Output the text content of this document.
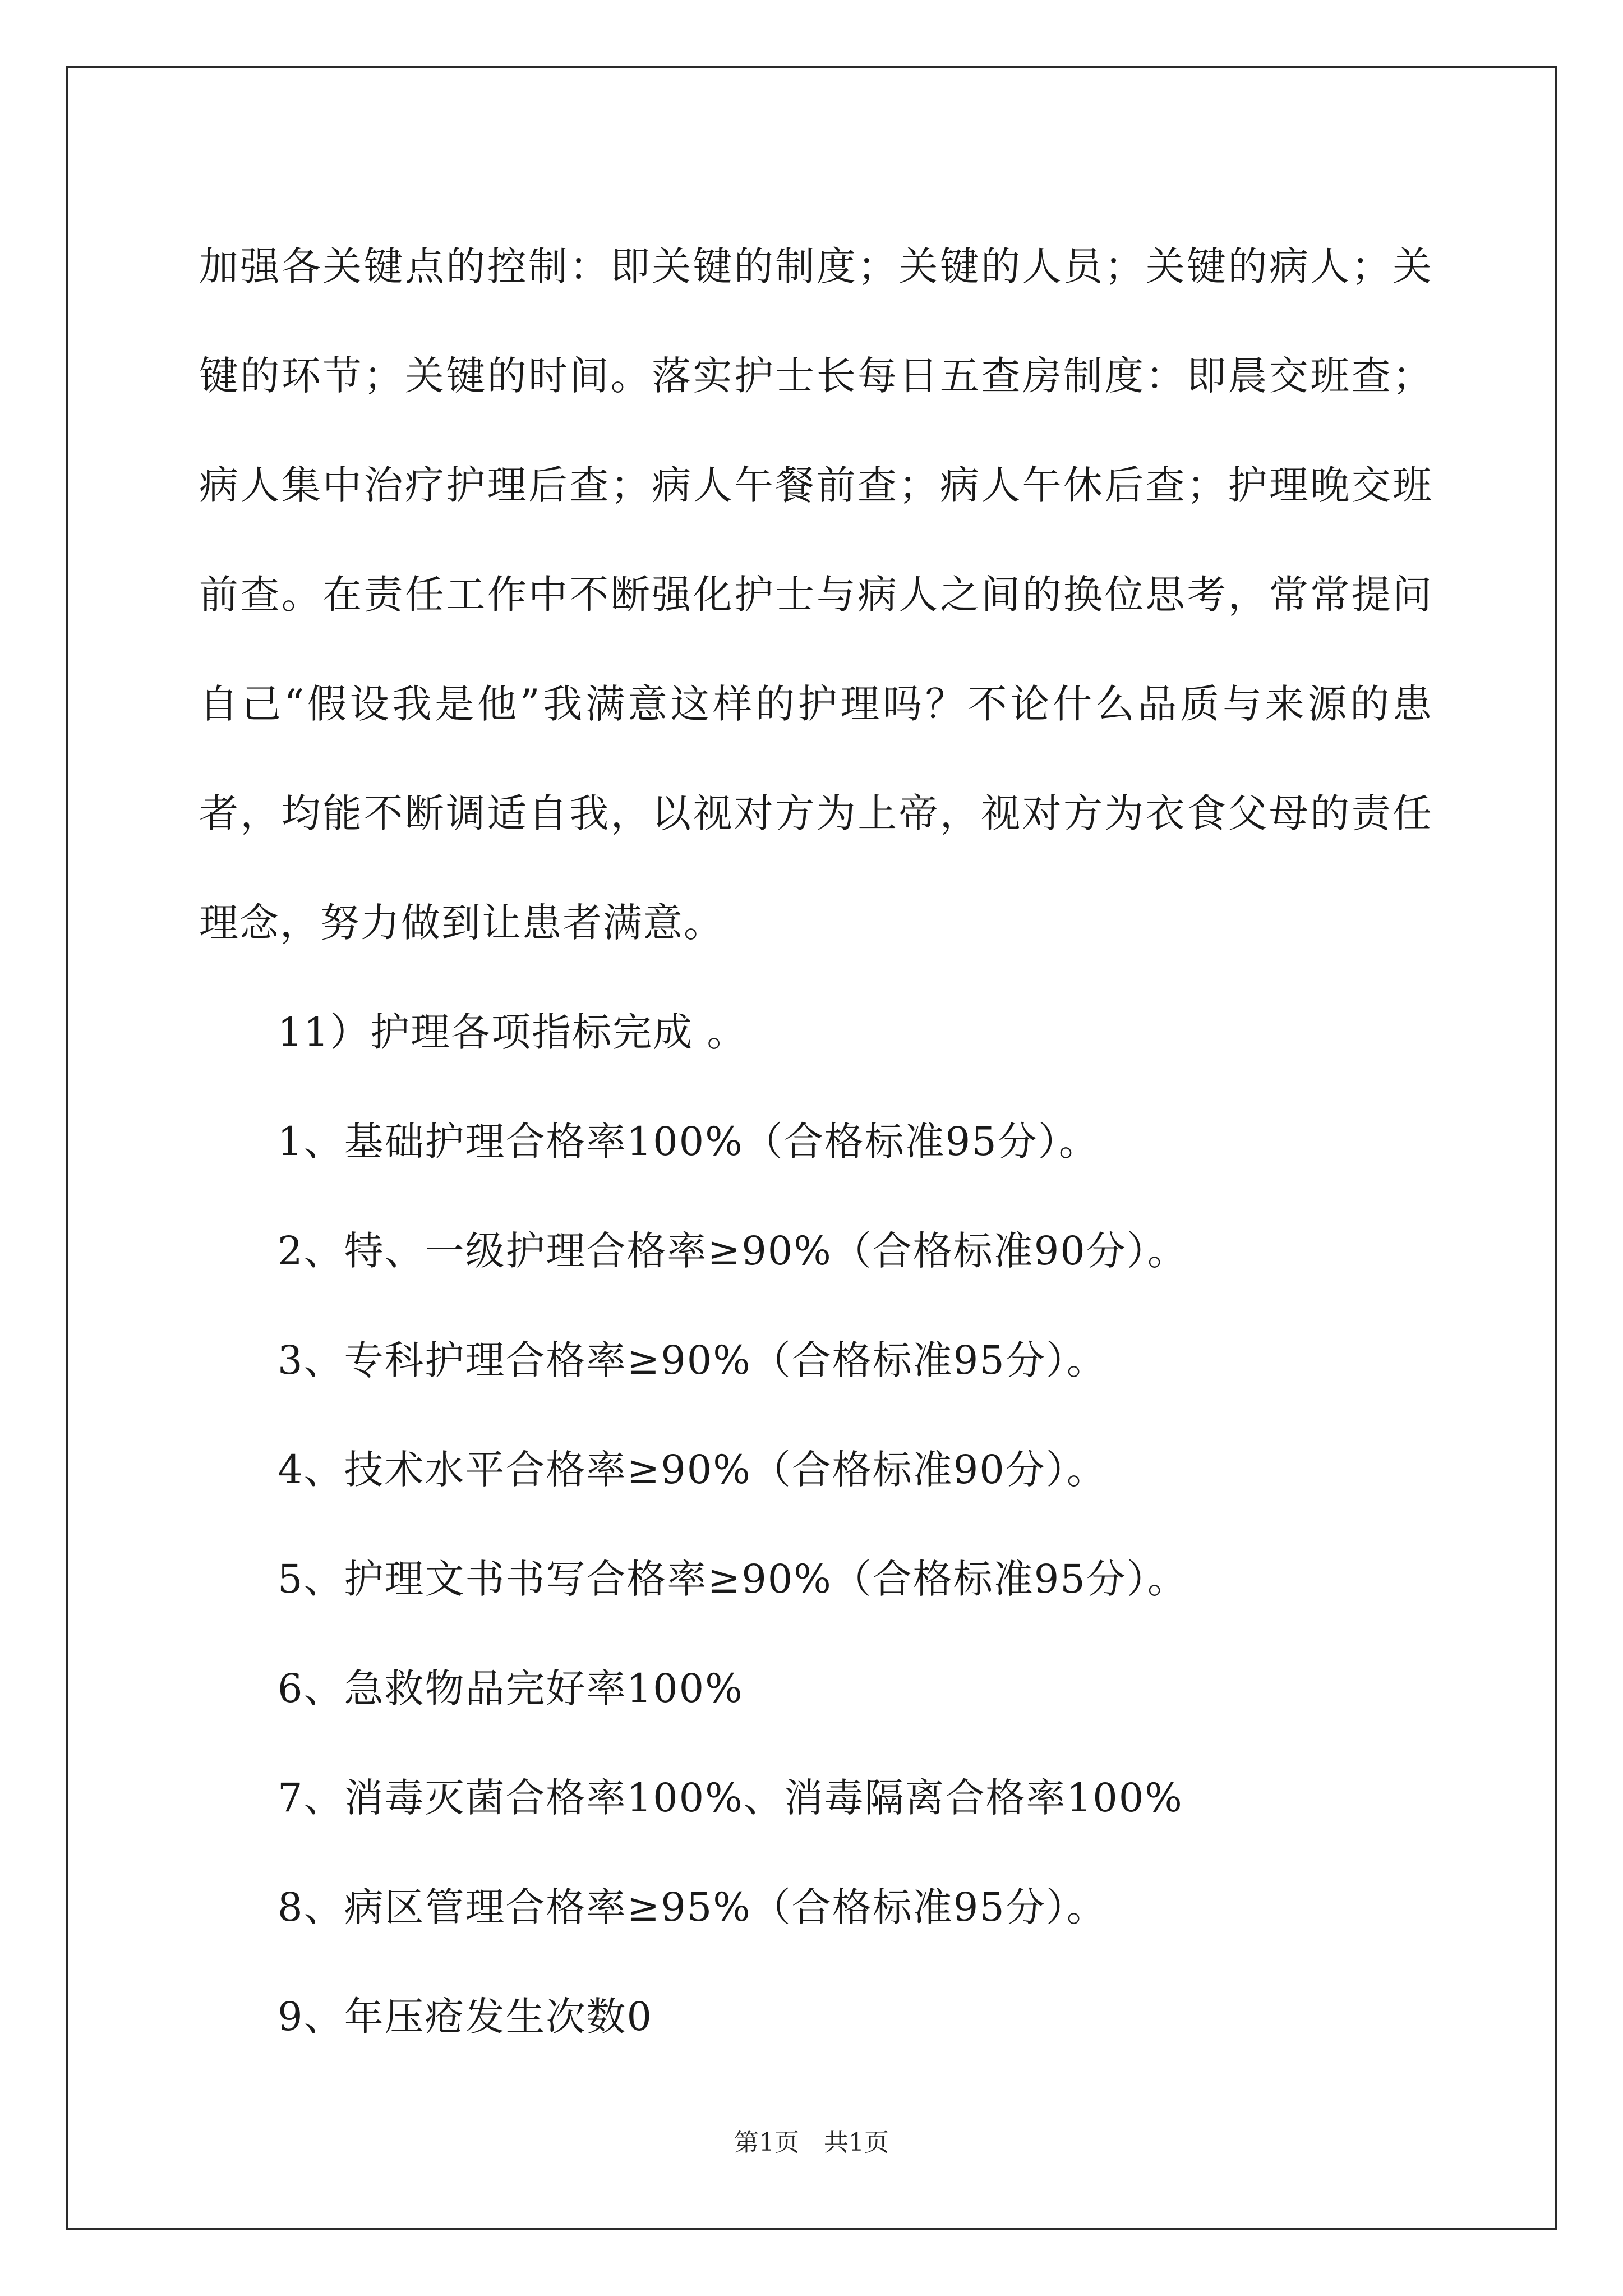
加强各关键点的控制：即关键的制度；关键的人员；关键的病人；关键的环节；关键的时间。落实护士长每日五查房制度：即晨交班查；病人集中治疗护理后查；病人午餐前查；病人午休后查；护理晚交班前查。在责任工作中不断强化护士与病人之间的换位思考，常常提问自己“假设我是他”我满意这样的护理吗？不论什么品质与来源的患者，均能不断调适自我，以视对方为上帝，视对方为衣食父母的责任理念，努力做到让患者满意。

11）护理各项指标完成 。

1、基础护理合格率100%（合格标准95分）。

2、特、一级护理合格率≥90%（合格标准90分）。

3、专科护理合格率≥90%（合格标准95分）。

4、技术水平合格率≥90%（合格标准90分）。

5、护理文书书写合格率≥90%（合格标准95分）。

6、急救物品完好率100%

7、消毒灭菌合格率100%、消毒隔离合格率100%

8、病区管理合格率≥95%（合格标准95分）。

9、年压疮发生次数0

第1页　共1页
